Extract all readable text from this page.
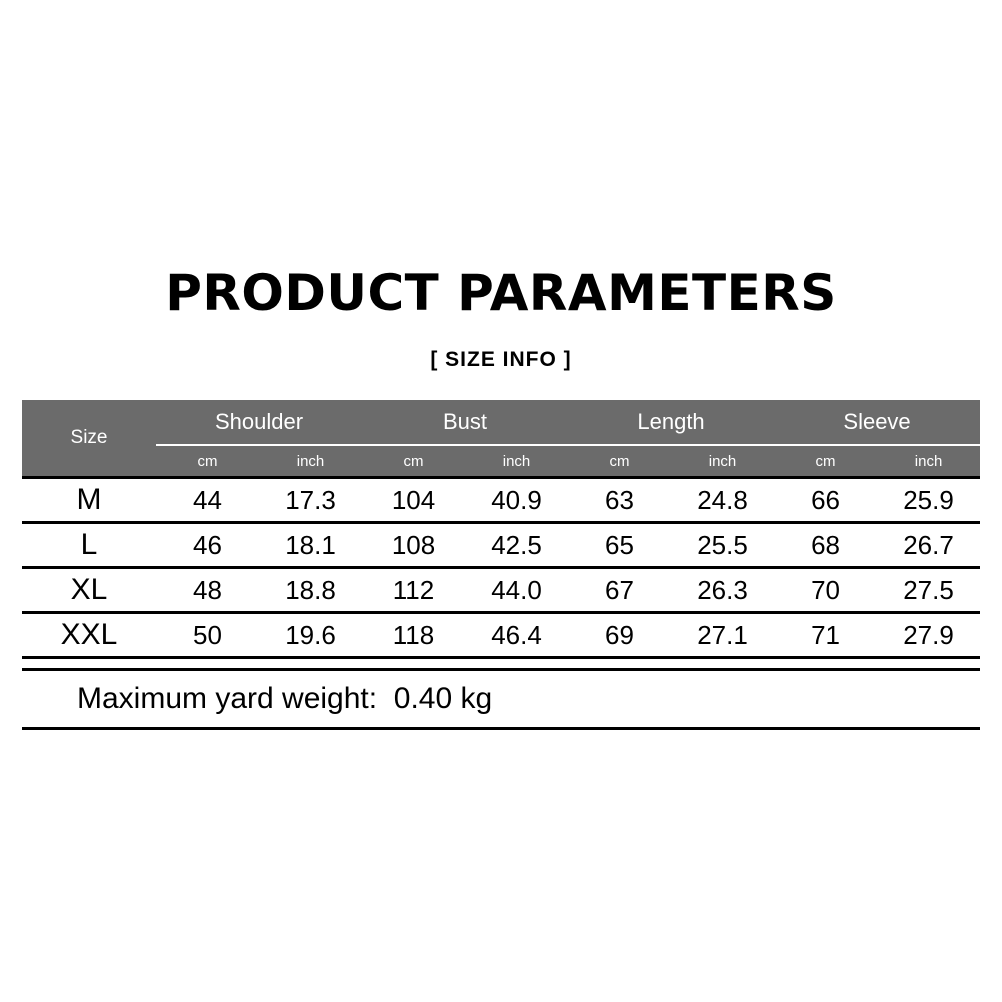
PRODUCT PARAMETERS
[ SIZE INFO ]
Size	Shoulder		Bust		Length		Sleeve	
	cm	inch	cm	inch	cm	inch	cm	inch
M	44	17.3	104	40.9	63	24.8	66	25.9
L	46	18.1	108	42.5	65	25.5	68	26.7
XL	48	18.8	112	44.0	67	26.3	70	27.5
XXL	50	19.6	118	46.4	69	27.1	71	27.9
Maximum yard weight:  0.40 kg
